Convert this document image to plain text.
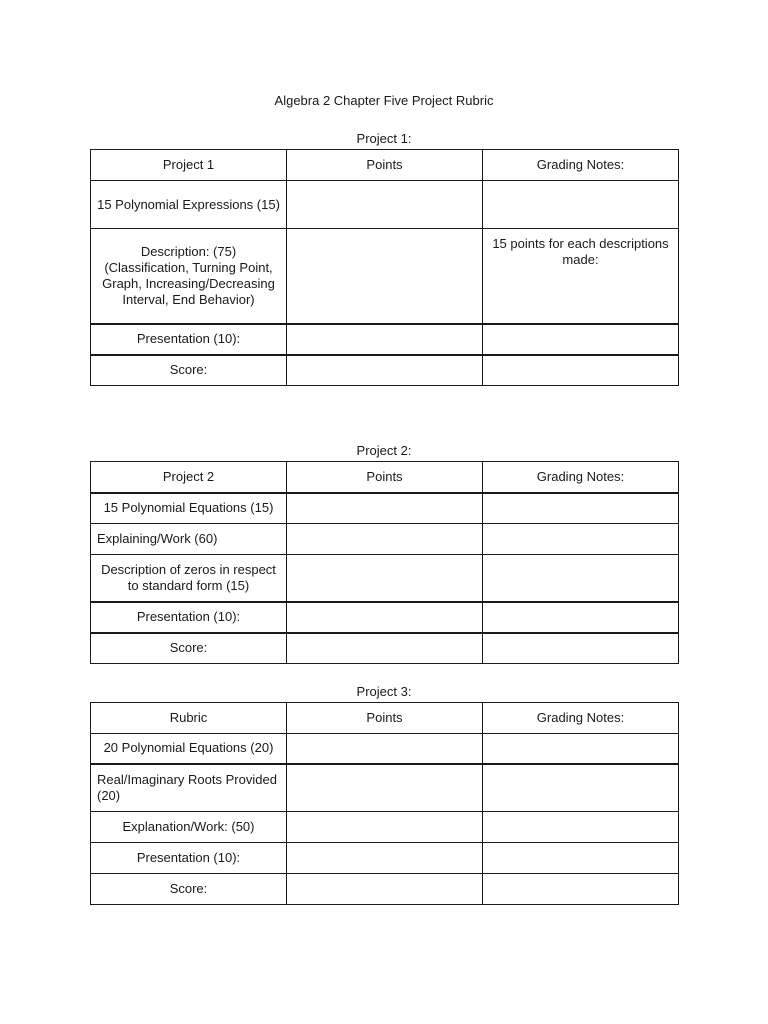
Algebra 2 Chapter Five Project Rubric
Project 1:
Project 1	Points	Grading Notes:
15 Polynomial Expressions (15)		
Description: (75) (Classification, Turning Point, Graph, Increasing/Decreasing Interval, End Behavior)		15 points for each descriptions made:
Presentation (10):		
Score:		
Project 2:
Project 2	Points	Grading Notes:
15 Polynomial Equations (15)		
Explaining/Work (60)		
Description of zeros in respect to standard form (15)		
Presentation (10):		
Score:		
Project 3:
Rubric	Points	Grading Notes:
20 Polynomial Equations (20)		
Real/Imaginary Roots Provided (20)		
Explanation/Work: (50)		
Presentation (10):		
Score:		
